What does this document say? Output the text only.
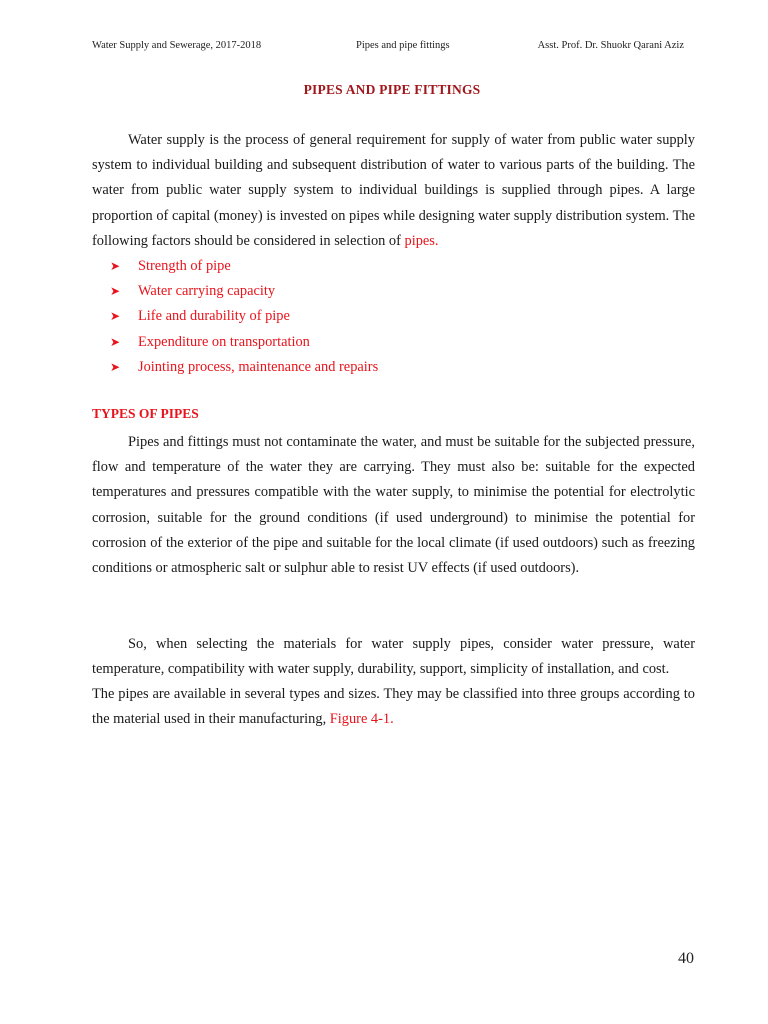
Water Supply and Sewerage, 2017-2018	Pipes and pipe fittings	Asst. Prof. Dr. Shuokr Qarani Aziz
PIPES AND PIPE FITTINGS

Water supply is the process of general requirement for supply of water from public water supply system to individual building and subsequent distribution of water to various parts of the building. The water from public water supply system to individual buildings is supplied through pipes. A large proportion of capital (money) is invested on pipes while designing water supply distribution system. The following factors should be considered in selection of pipes.

➤ Strength of pipe
➤ Water carrying capacity
➤ Life and durability of pipe
➤ Expenditure on transportation
➤ Jointing process, maintenance and repairs
TYPES OF PIPES

Pipes and fittings must not contaminate the water, and must be suitable for the subjected pressure, flow and temperature of the water they are carrying. They must also be: suitable for the expected temperatures and pressures compatible with the water supply, to minimise the potential for electrolytic corrosion, suitable for the ground conditions (if used underground) to minimise the potential for corrosion of the exterior of the pipe and suitable for the local climate (if used outdoors) such as freezing conditions or atmospheric salt or sulphur able to resist UV effects (if used outdoors).

So, when selecting the materials for water supply pipes, consider water pressure, water temperature, compatibility with water supply, durability, support, simplicity of installation, and cost.

The pipes are available in several types and sizes. They may be classified into three groups according to the material used in their manufacturing, Figure 4-1.

40
